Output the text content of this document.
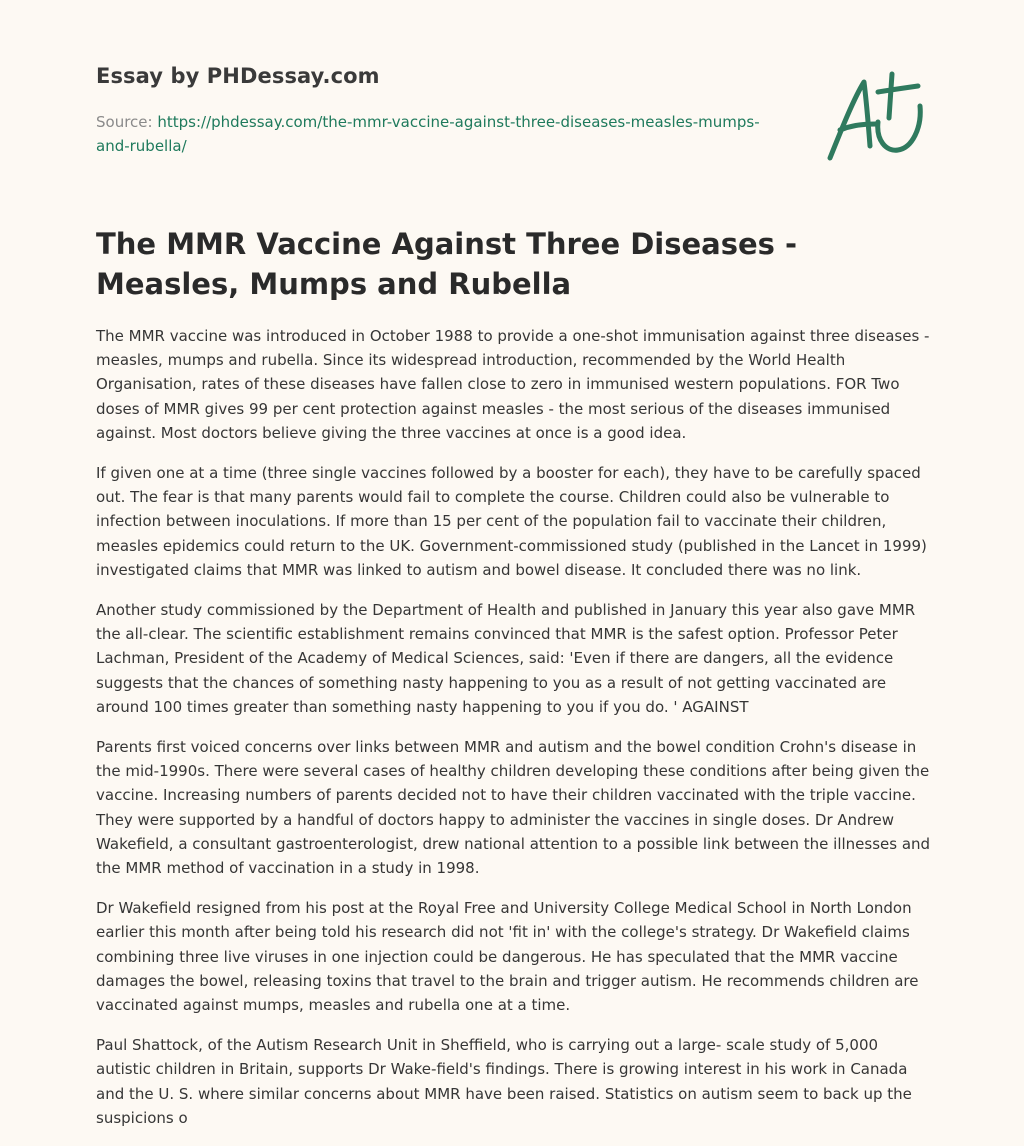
Essay by PHDessay.com
Source: https://phdessay.com/the-mmr-vaccine-against-three-diseases-measles-mumps-and-rubella/
The MMR Vaccine Against Three Diseases - Measles, Mumps and Rubella

The MMR vaccine was introduced in October 1988 to provide a one-shot immunisation against three diseases - measles, mumps and rubella. Since its widespread introduction, recommended by the World Health Organisation, rates of these diseases have fallen close to zero in immunised western populations. FOR Two doses of MMR gives 99 per cent protection against measles - the most serious of the diseases immunised against. Most doctors believe giving the three vaccines at once is a good idea.

If given one at a time (three single vaccines followed by a booster for each), they have to be carefully spaced out. The fear is that many parents would fail to complete the course. Children could also be vulnerable to infection between inoculations. If more than 15 per cent of the population fail to vaccinate their children, measles epidemics could return to the UK. Government-commissioned study (published in the Lancet in 1999) investigated claims that MMR was linked to autism and bowel disease. It concluded there was no link.

Another study commissioned by the Department of Health and published in January this year also gave MMR the all-clear. The scientific establishment remains convinced that MMR is the safest option. Professor Peter Lachman, President of the Academy of Medical Sciences, said: 'Even if there are dangers, all the evidence suggests that the chances of something nasty happening to you as a result of not getting vaccinated are around 100 times greater than something nasty happening to you if you do. ' AGAINST

Parents first voiced concerns over links between MMR and autism and the bowel condition Crohn's disease in the mid-1990s. There were several cases of healthy children developing these conditions after being given the vaccine. Increasing numbers of parents decided not to have their children vaccinated with the triple vaccine. They were supported by a handful of doctors happy to administer the vaccines in single doses. Dr Andrew Wakefield, a consultant gastroenterologist, drew national attention to a possible link between the illnesses and the MMR method of vaccination in a study in 1998.

Dr Wakefield resigned from his post at the Royal Free and University College Medical School in North London earlier this month after being told his research did not 'fit in' with the college's strategy. Dr Wakefield claims combining three live viruses in one injection could be dangerous. He has speculated that the MMR vaccine damages the bowel, releasing toxins that travel to the brain and trigger autism. He recommends children are vaccinated against mumps, measles and rubella one at a time.

Paul Shattock, of the Autism Research Unit in Sheffield, who is carrying out a large- scale study of 5,000 autistic children in Britain, supports Dr Wake-field's findings. There is growing interest in his work in Canada and the U. S. where similar concerns about MMR have been raised. Statistics on autism seem to back up the suspicions o
